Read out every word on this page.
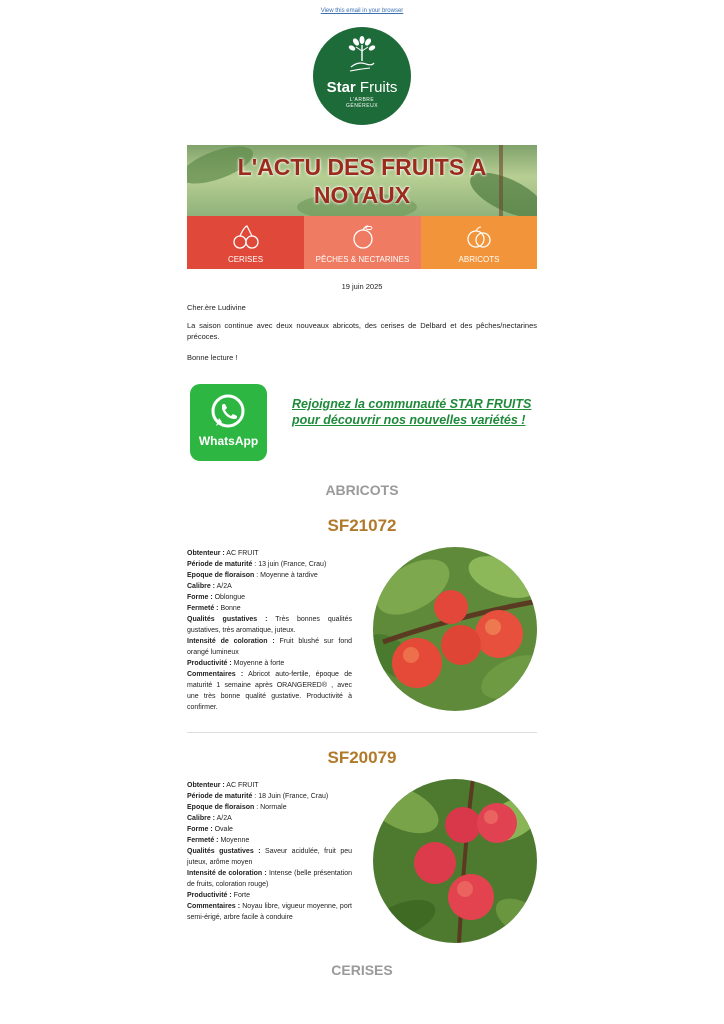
View this email in your browser
Star Fruits
L'ARBRE
GÉNÉREUX
L'ACTU DES FRUITS A
NOYAUX
CERISES	PÊCHES & NECTARINES	ABRICOTS
19 juin 2025
Cher.ère Ludivine
La saison continue avec deux nouveaux abricots, des cerises de Delbard et des pêches/nectarines précoces.
Bonne lecture !
WhatsApp
Rejoignez la communauté STAR FRUITS
pour découvrir nos nouvelles variétés !
ABRICOTS
SF21072
Obtenteur : AC FRUIT
Période de maturité : 13 juin (France, Crau)
Epoque de floraison : Moyenne à tardive
Calibre : A/2A
Forme : Oblongue
Fermeté : Bonne
Qualités gustatives : Très bonnes qualités gustatives, très aromatique, juteux.
Intensité de coloration : Fruit blushé sur fond orangé lumineux
Productivité : Moyenne à forte
Commentaires : Abricot auto-fertile, époque de maturité 1 semaine après ORANGERED® , avec une très bonne qualité gustative. Productivité à confirmer.
SF20079
Obtenteur : AC FRUIT
Période de maturité : 18 Juin (France, Crau)
Epoque de floraison : Normale
Calibre : A/2A
Forme : Ovale
Fermeté : Moyenne
Qualités gustatives : Saveur acidulée, fruit peu juteux, arôme moyen
Intensité de coloration : Intense (belle présentation de fruits, coloration rouge)
Productivité : Forte
Commentaires : Noyau libre, vigueur moyenne, port semi-érigé, arbre facile à conduire
CERISES
